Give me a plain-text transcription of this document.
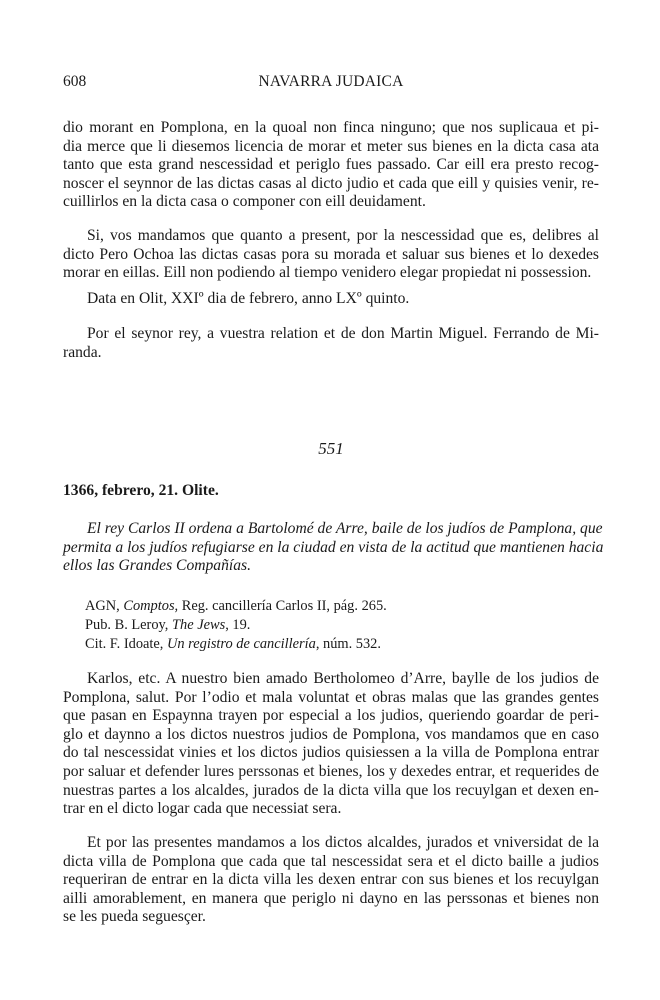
608	NAVARRA JUDAICA
dio morant en Pomplona, en la quoal non finca ninguno; que nos suplicaua et pi-
dia merce que li diesemos licencia de morar et meter sus bienes en la dicta casa ata
tanto que esta grand nescessidad et periglo fues passado. Car eill era presto recog-
noscer el seynnor de las dictas casas al dicto judio et cada que eill y quisies venir, re-
cuillirlos en la dicta casa o componer con eill deuidament.
Si, vos mandamos que quanto a present, por la nescessidad que es, delibres al
dicto Pero Ochoa las dictas casas pora su morada et saluar sus bienes et lo dexedes
morar en eillas. Eill non podiendo al tiempo venidero elegar propiedat ni possession.
Data en Olit, XXIº dia de febrero, anno LXº quinto.
Por el seynor rey, a vuestra relation et de don Martin Miguel. Ferrando de Mi-
randa.
551
1366, febrero, 21. Olite.
El rey Carlos II ordena a Bartolomé de Arre, baile de los judíos de Pamplona, que
permita a los judíos refugiarse en la ciudad en vista de la actitud que mantienen hacia
ellos las Grandes Compañías.
AGN, Comptos, Reg. cancillería Carlos II, pág. 265.
Pub. B. Leroy, The Jews, 19.
Cit. F. Idoate, Un registro de cancillería, núm. 532.
Karlos, etc. A nuestro bien amado Bertholomeo d’Arre, baylle de los judios de
Pomplona, salut. Por l’odio et mala voluntat et obras malas que las grandes gentes
que pasan en Espaynna trayen por especial a los judios, queriendo goardar de peri-
glo et daynno a los dictos nuestros judios de Pomplona, vos mandamos que en caso
do tal nescessidat vinies et los dictos judios quisiessen a la villa de Pomplona entrar
por saluar et defender lures perssonas et bienes, los y dexedes entrar, et requerides de
nuestras partes a los alcaldes, jurados de la dicta villa que los recuylgan et dexen en-
trar en el dicto logar cada que necessiat sera.
Et por las presentes mandamos a los dictos alcaldes, jurados et vniversidat de la
dicta villa de Pomplona que cada que tal nescessidat sera et el dicto baille a judios
requeriran de entrar en la dicta villa les dexen entrar con sus bienes et los recuylgan
ailli amorablement, en manera que periglo ni dayno en las perssonas et bienes non
se les pueda seguesçer.
